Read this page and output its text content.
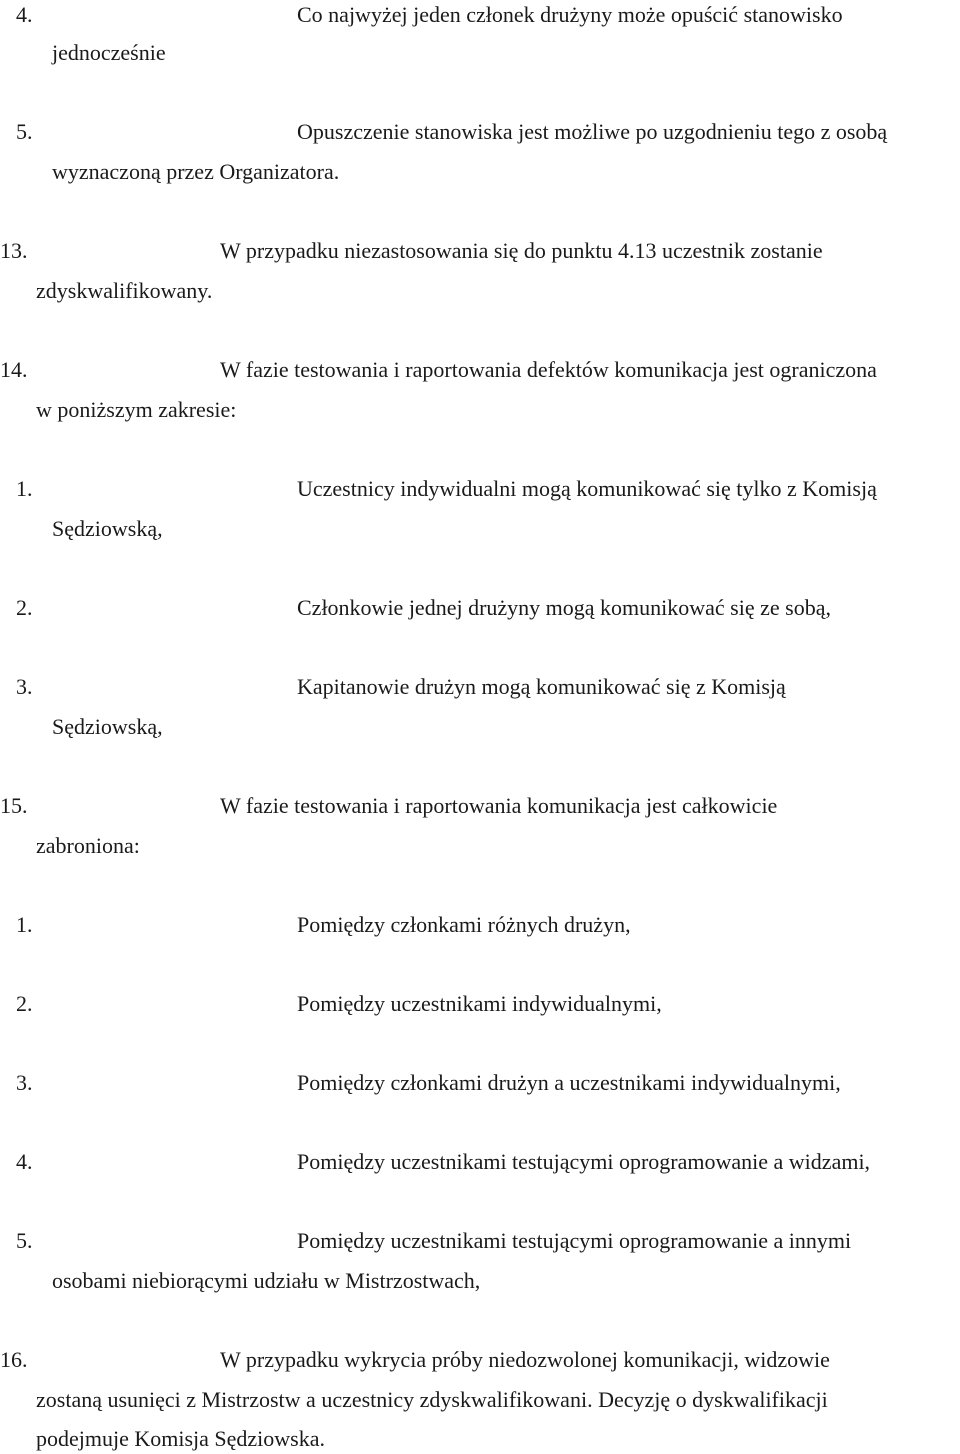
4.	Co najwyżej jeden członek drużyny może opuścić stanowisko
jednocześnie
5.	Opuszczenie stanowiska jest możliwe po uzgodnieniu tego z osobą
wyznaczoną przez Organizatora.
13.	W przypadku niezastosowania się do punktu 4.13 uczestnik zostanie
zdyskwalifikowany.
14.	W fazie testowania i raportowania defektów komunikacja jest ograniczona
w poniższym zakresie:
1.	Uczestnicy indywidualni mogą komunikować się tylko z Komisją
Sędziowską,
2.	Członkowie jednej drużyny mogą komunikować się ze sobą,
3.	Kapitanowie drużyn mogą komunikować się z Komisją
Sędziowską,
15.	W fazie testowania i raportowania komunikacja jest całkowicie
zabroniona:
1.	Pomiędzy członkami różnych drużyn,
2.	Pomiędzy uczestnikami indywidualnymi,
3.	Pomiędzy członkami drużyn a uczestnikami indywidualnymi,
4.	Pomiędzy uczestnikami testującymi oprogramowanie a widzami,
5.	Pomiędzy uczestnikami testującymi oprogramowanie a innymi
osobami niebiorącymi udziału w Mistrzostwach,
16.	W przypadku wykrycia próby niedozwolonej komunikacji, widzowie
zostaną usunięci z Mistrzostw a uczestnicy zdyskwalifikowani. Decyzję o dyskwalifikacji
podejmuje Komisja Sędziowska.
